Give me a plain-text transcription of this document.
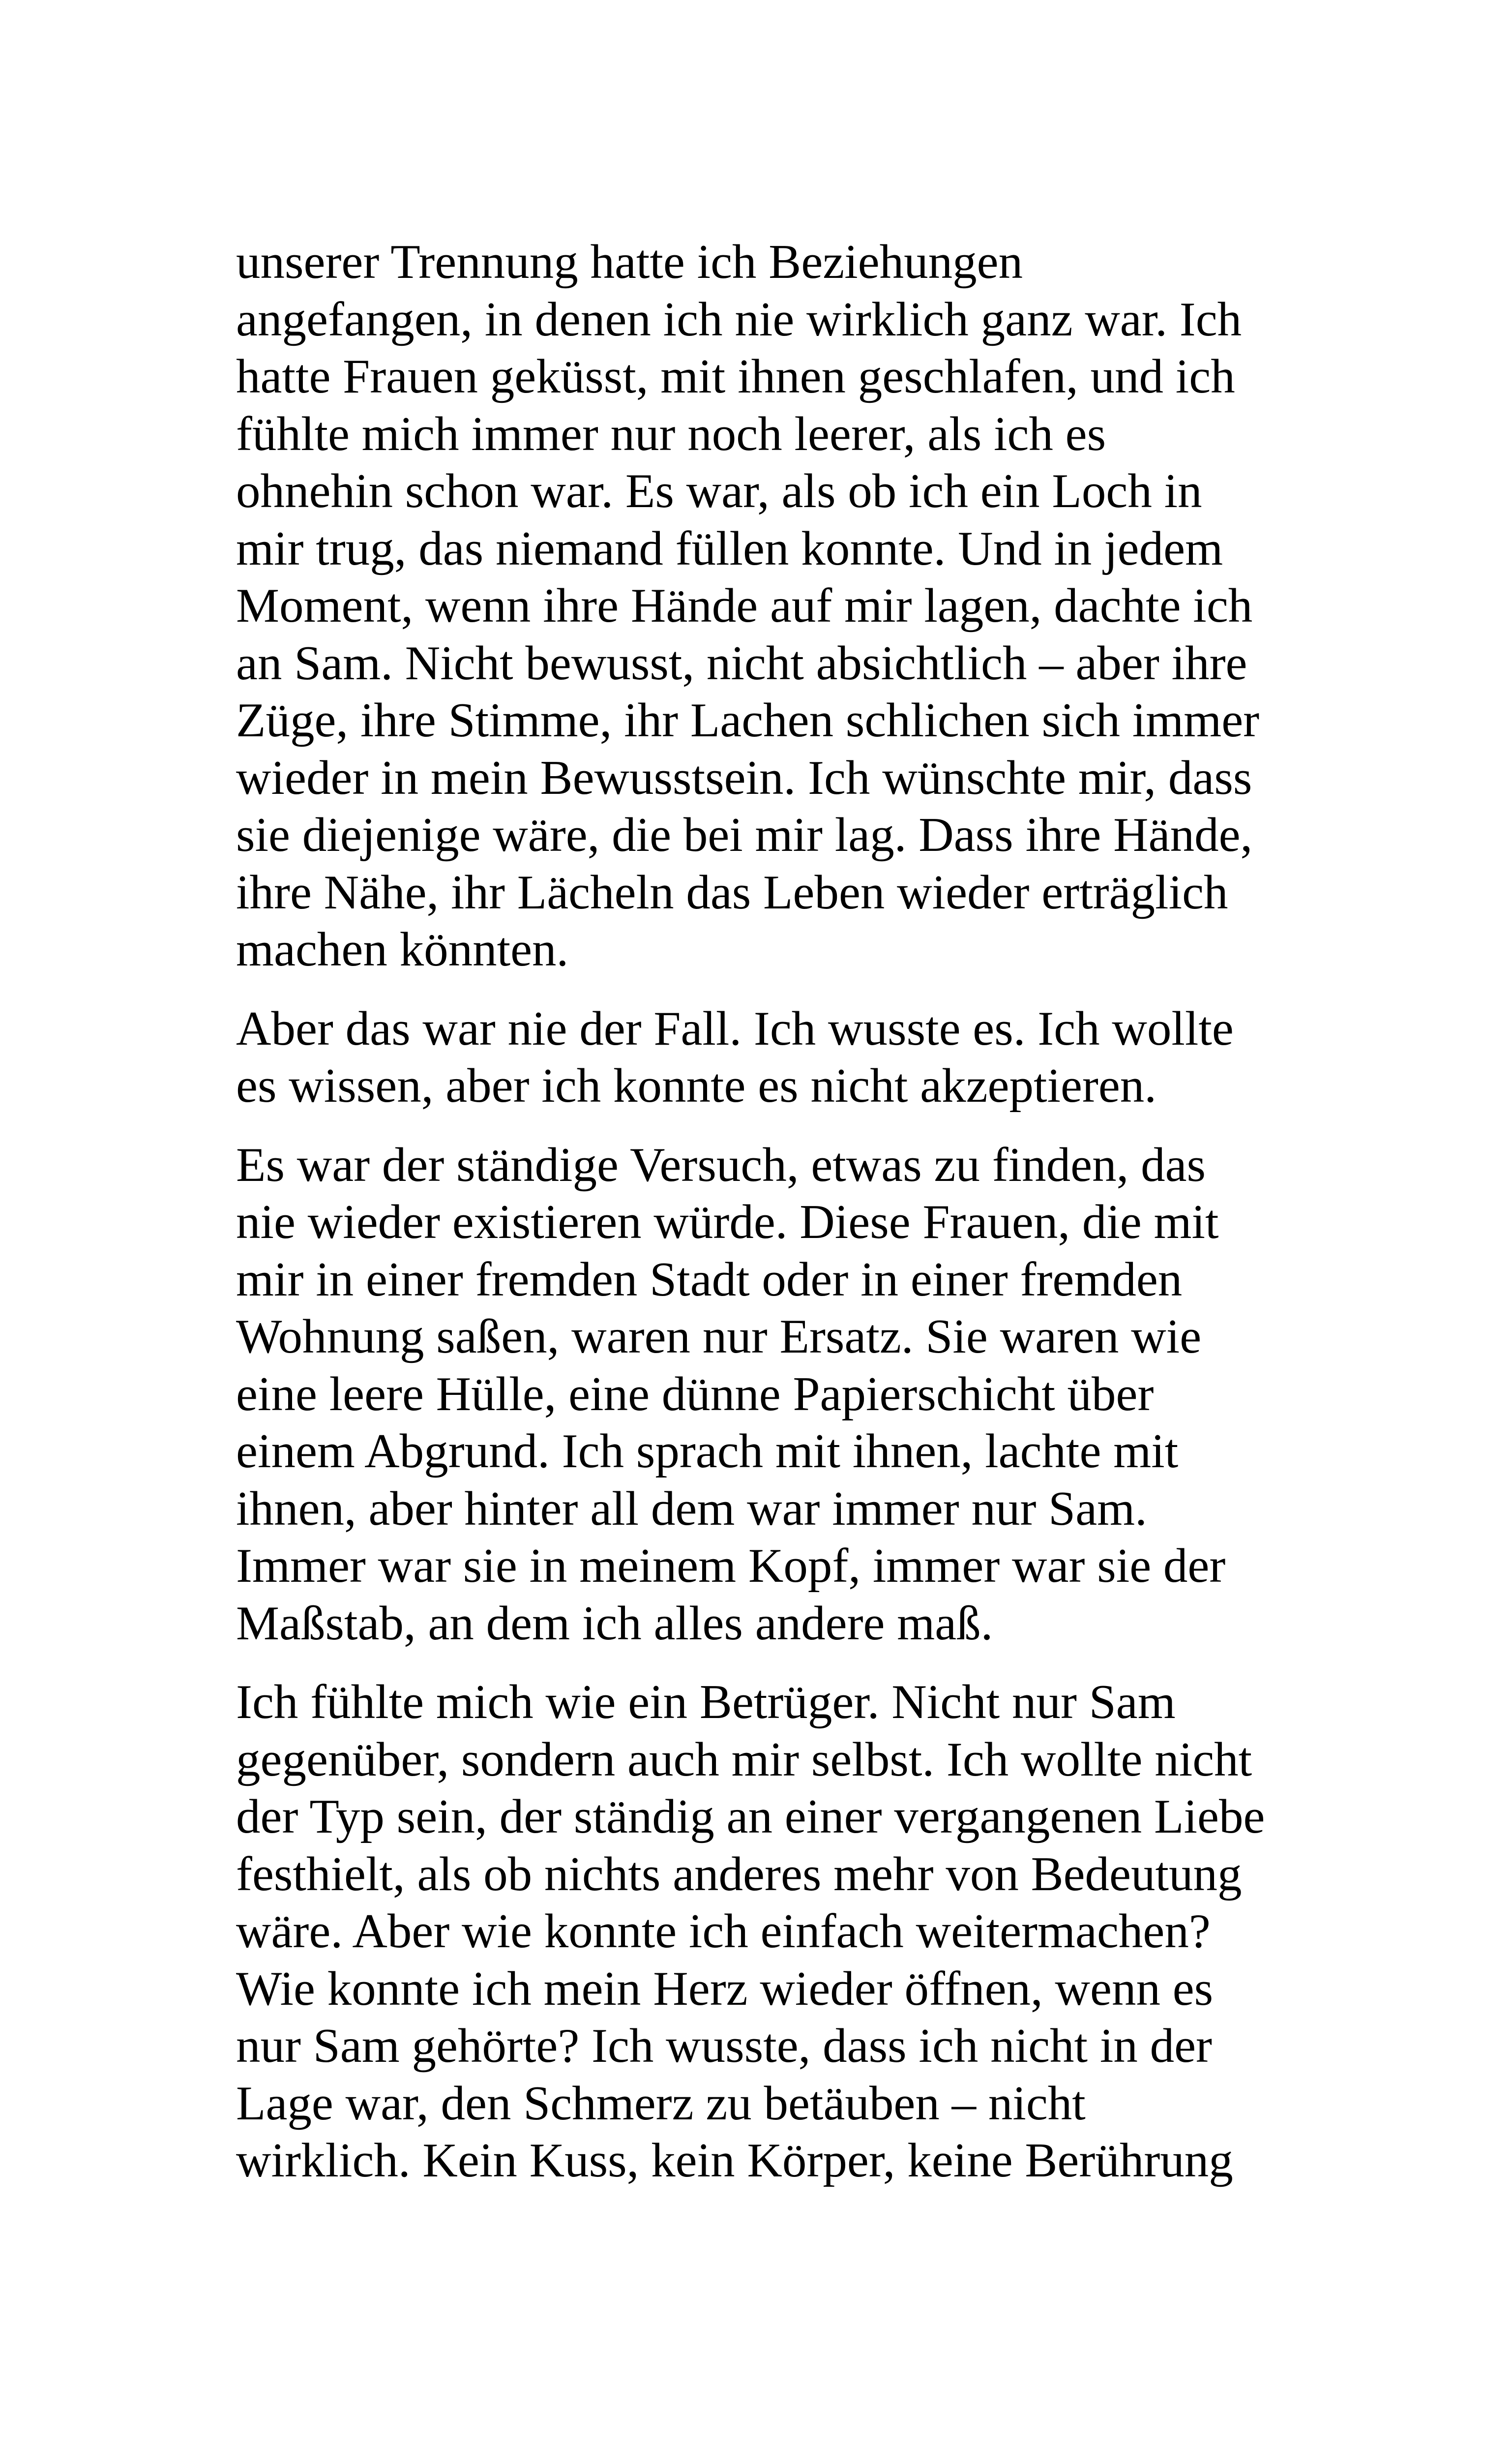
unserer Trennung hatte ich Beziehungen
angefangen, in denen ich nie wirklich ganz war. Ich
hatte Frauen geküsst, mit ihnen geschlafen, und ich
fühlte mich immer nur noch leerer, als ich es
ohnehin schon war. Es war, als ob ich ein Loch in
mir trug, das niemand füllen konnte. Und in jedem
Moment, wenn ihre Hände auf mir lagen, dachte ich
an Sam. Nicht bewusst, nicht absichtlich – aber ihre
Züge, ihre Stimme, ihr Lachen schlichen sich immer
wieder in mein Bewusstsein. Ich wünschte mir, dass
sie diejenige wäre, die bei mir lag. Dass ihre Hände,
ihre Nähe, ihr Lächeln das Leben wieder erträglich
machen könnten.

Aber das war nie der Fall. Ich wusste es. Ich wollte
es wissen, aber ich konnte es nicht akzeptieren.

Es war der ständige Versuch, etwas zu finden, das
nie wieder existieren würde. Diese Frauen, die mit
mir in einer fremden Stadt oder in einer fremden
Wohnung saßen, waren nur Ersatz. Sie waren wie
eine leere Hülle, eine dünne Papierschicht über
einem Abgrund. Ich sprach mit ihnen, lachte mit
ihnen, aber hinter all dem war immer nur Sam.
Immer war sie in meinem Kopf, immer war sie der
Maßstab, an dem ich alles andere maß.

Ich fühlte mich wie ein Betrüger. Nicht nur Sam
gegenüber, sondern auch mir selbst. Ich wollte nicht
der Typ sein, der ständig an einer vergangenen Liebe
festhielt, als ob nichts anderes mehr von Bedeutung
wäre. Aber wie konnte ich einfach weitermachen?
Wie konnte ich mein Herz wieder öffnen, wenn es
nur Sam gehörte? Ich wusste, dass ich nicht in der
Lage war, den Schmerz zu betäuben – nicht
wirklich. Kein Kuss, kein Körper, keine Berührung
